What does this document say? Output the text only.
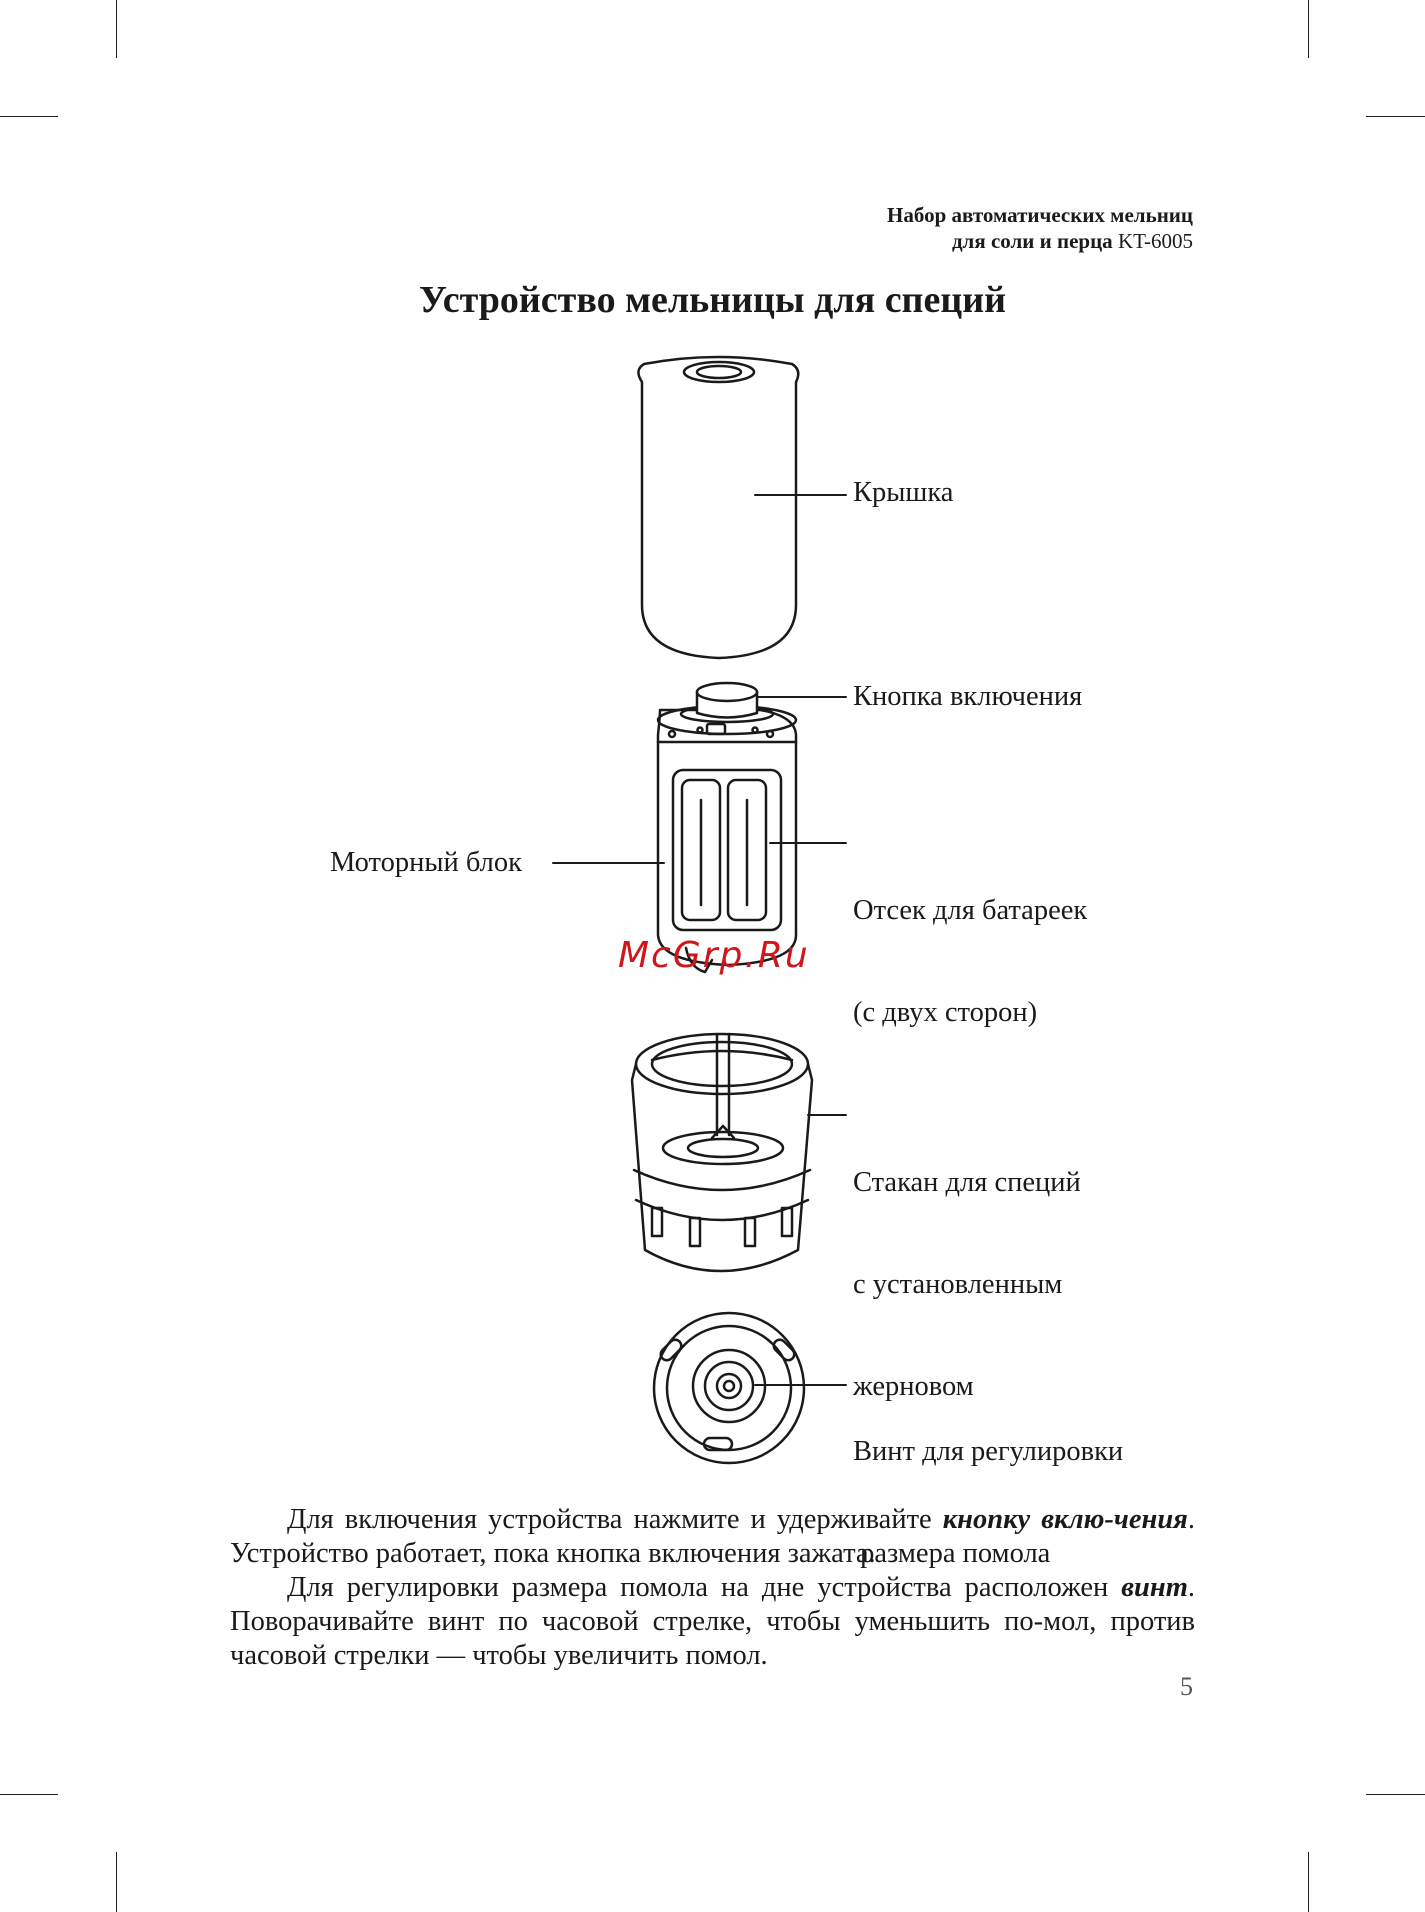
Набор автоматических мельниц
для соли и перца KT-6005
Устройство мельницы для специй
Крышка
Кнопка включения

Отсек для батареек

(с двух сторон)

Моторный блок

Стакан для специй

с установленным

жерновом

Винт для регулировки

размера помола

McGrp.Ru

Для включения устройства нажмите и удерживайте кнопку вклю-чения. Устройство работает, пока кнопка включения зажата.

Для регулировки размера помола на дне устройства расположен винт. Поворачивайте винт по часовой стрелке, чтобы уменьшить по-мол, против часовой стрелки — чтобы увеличить помол.

5
